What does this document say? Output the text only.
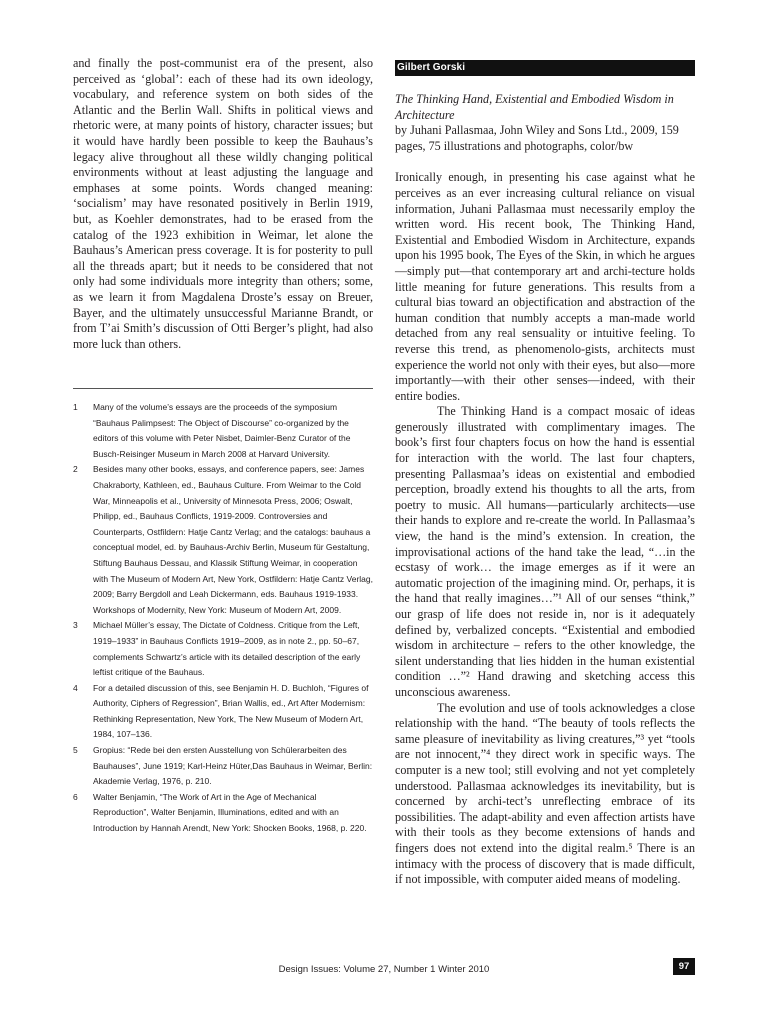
and finally the post-communist era of the present, also perceived as ‘global’: each of these had its own ideology, vocabulary, and reference system on both sides of the Atlantic and the Berlin Wall. Shifts in political views and rhetoric were, at many points of history, character issues; but it would have hardly been possible to keep the Bauhaus’s legacy alive throughout all these wildly changing political environments without at least adjusting the language and emphases at some points. Words changed meaning: ‘socialism’ may have resonated positively in Berlin 1919, but, as Koehler demonstrates, had to be erased from the catalog of the 1923 exhibition in Weimar, let alone the Bauhaus’s American press coverage. It is for posterity to pull all the threads apart; but it needs to be considered that not only had some individuals more integrity than others; some, as we learn it from Magdalena Droste’s essay on Breuer, Bayer, and the ultimately unsuccessful Marianne Brandt, or from T’ai Smith’s discussion of Otti Berger’s plight, had also more luck than others.

1 Many of the volume’s essays are the proceeds of the symposium “Bauhaus Palimpsest: The Object of Discourse” co-organized by the editors of this volume with Peter Nisbet, Daimler-Benz Curator of the Busch-Reisinger Museum in March 2008 at Harvard University.
2 Besides many other books, essays, and conference papers, see: James Chakraborty, Kathleen, ed., Bauhaus Culture. From Weimar to the Cold War, Minneapolis et al., University of Minnesota Press, 2006; Oswalt, Philipp, ed., Bauhaus Conflicts, 1919-2009. Controversies and Counterparts, Ostfildern: Hatje Cantz Verlag; and the catalogs: bauhaus a conceptual model, ed. by Bauhaus-Archiv Berlin, Museum für Gestaltung, Stiftung Bauhaus Dessau, and Klassik Stiftung Weimar, in cooperation with The Museum of Modern Art, New York, Ostfildern: Hatje Cantz Verlag, 2009; Barry Bergdoll and Leah Dickermann, eds. Bauhaus 1919-1933. Workshops of Modernity, New York: Museum of Modern Art, 2009.
3 Michael Müller’s essay, The Dictate of Coldness. Critique from the Left, 1919–1933” in Bauhaus Conflicts 1919–2009, as in note 2., pp. 50–67, complements Schwartz’s article with its detailed description of the early leftist critique of the Bauhaus.
4 For a detailed discussion of this, see Benjamin H. D. Buchloh, “Figures of Authority, Ciphers of Regression”, Brian Wallis, ed., Art After Modernism: Rethinking Representation, New York, The New Museum of Modern Art, 1984, 107–136.
5 Gropius: “Rede bei den ersten Ausstellung von Schülerarbeiten des Bauhauses”, June 1919; Karl-Heinz Hüter,Das Bauhaus in Weimar, Berlin: Akademie Verlag, 1976, p. 210.
6 Walter Benjamin, “The Work of Art in the Age of Mechanical Reproduction”, Walter Benjamin, Illuminations, edited and with an Introduction by Hannah Arendt, New York: Shocken Books, 1968, p. 220.
Gilbert Gorski
The Thinking Hand, Existential and Embodied Wisdom in Architecture
by Juhani Pallasmaa, John Wiley and Sons Ltd., 2009, 159 pages, 75 illustrations and photographs, color/bw

Ironically enough, in presenting his case against what he perceives as an ever increasing cultural reliance on visual information, Juhani Pallasmaa must necessarily employ the written word. His recent book, The Thinking Hand, Existential and Embodied Wisdom in Architecture, expands upon his 1995 book, The Eyes of the Skin, in which he argues—simply put—that contemporary art and archi-tecture holds little meaning for future generations. This results from a cultural bias toward an objectification and abstraction of the human condition that numbly accepts a man-made world detached from any real sensuality or intuitive feeling. To reverse this trend, as phenomenolo-gists, architects must experience the world not only with their eyes, but also—more importantly—with their other senses—indeed, with their entire bodies.

The Thinking Hand is a compact mosaic of ideas generously illustrated with complimentary images. The book’s first four chapters focus on how the hand is essential for interaction with the world. The last four chapters, presenting Pallasmaa’s ideas on existential and embodied perception, broadly extend his thoughts to all the arts, from poetry to music. All humans—particularly architects—use their hands to explore and re-create the world. In Pallasmaa’s view, the hand is the mind’s extension. In creation, the improvisational actions of the hand take the lead, “…in the ecstasy of work… the image emerges as if it were an automatic projection of the imagining mind. Or, perhaps, it is the hand that really imagines…”¹ All of our senses “think,” our grasp of life does not reside in, nor is it adequately defined by, verbalized concepts. “Existential and embodied wisdom in architecture – refers to the other knowledge, the silent understanding that lies hidden in the human existential condition …”² Hand drawing and sketching access this unconscious awareness.

The evolution and use of tools acknowledges a close relationship with the hand. “The beauty of tools reflects the same pleasure of inevitability as living creatures,”³ yet “tools are not innocent,”⁴ they direct work in specific ways. The computer is a new tool; still evolving and not yet completely understood. Pallasmaa acknowledges its inevitability, but is concerned by archi-tect’s unreflecting embrace of its possibilities. The adapt-ability and even affection artists have with their tools as they become extensions of hands and fingers does not extend into the digital realm.⁵ There is an intimacy with the process of discovery that is made difficult, if not impossible, with computer aided means of modeling.

Design Issues: Volume 27, Number 1 Winter 2010	97
